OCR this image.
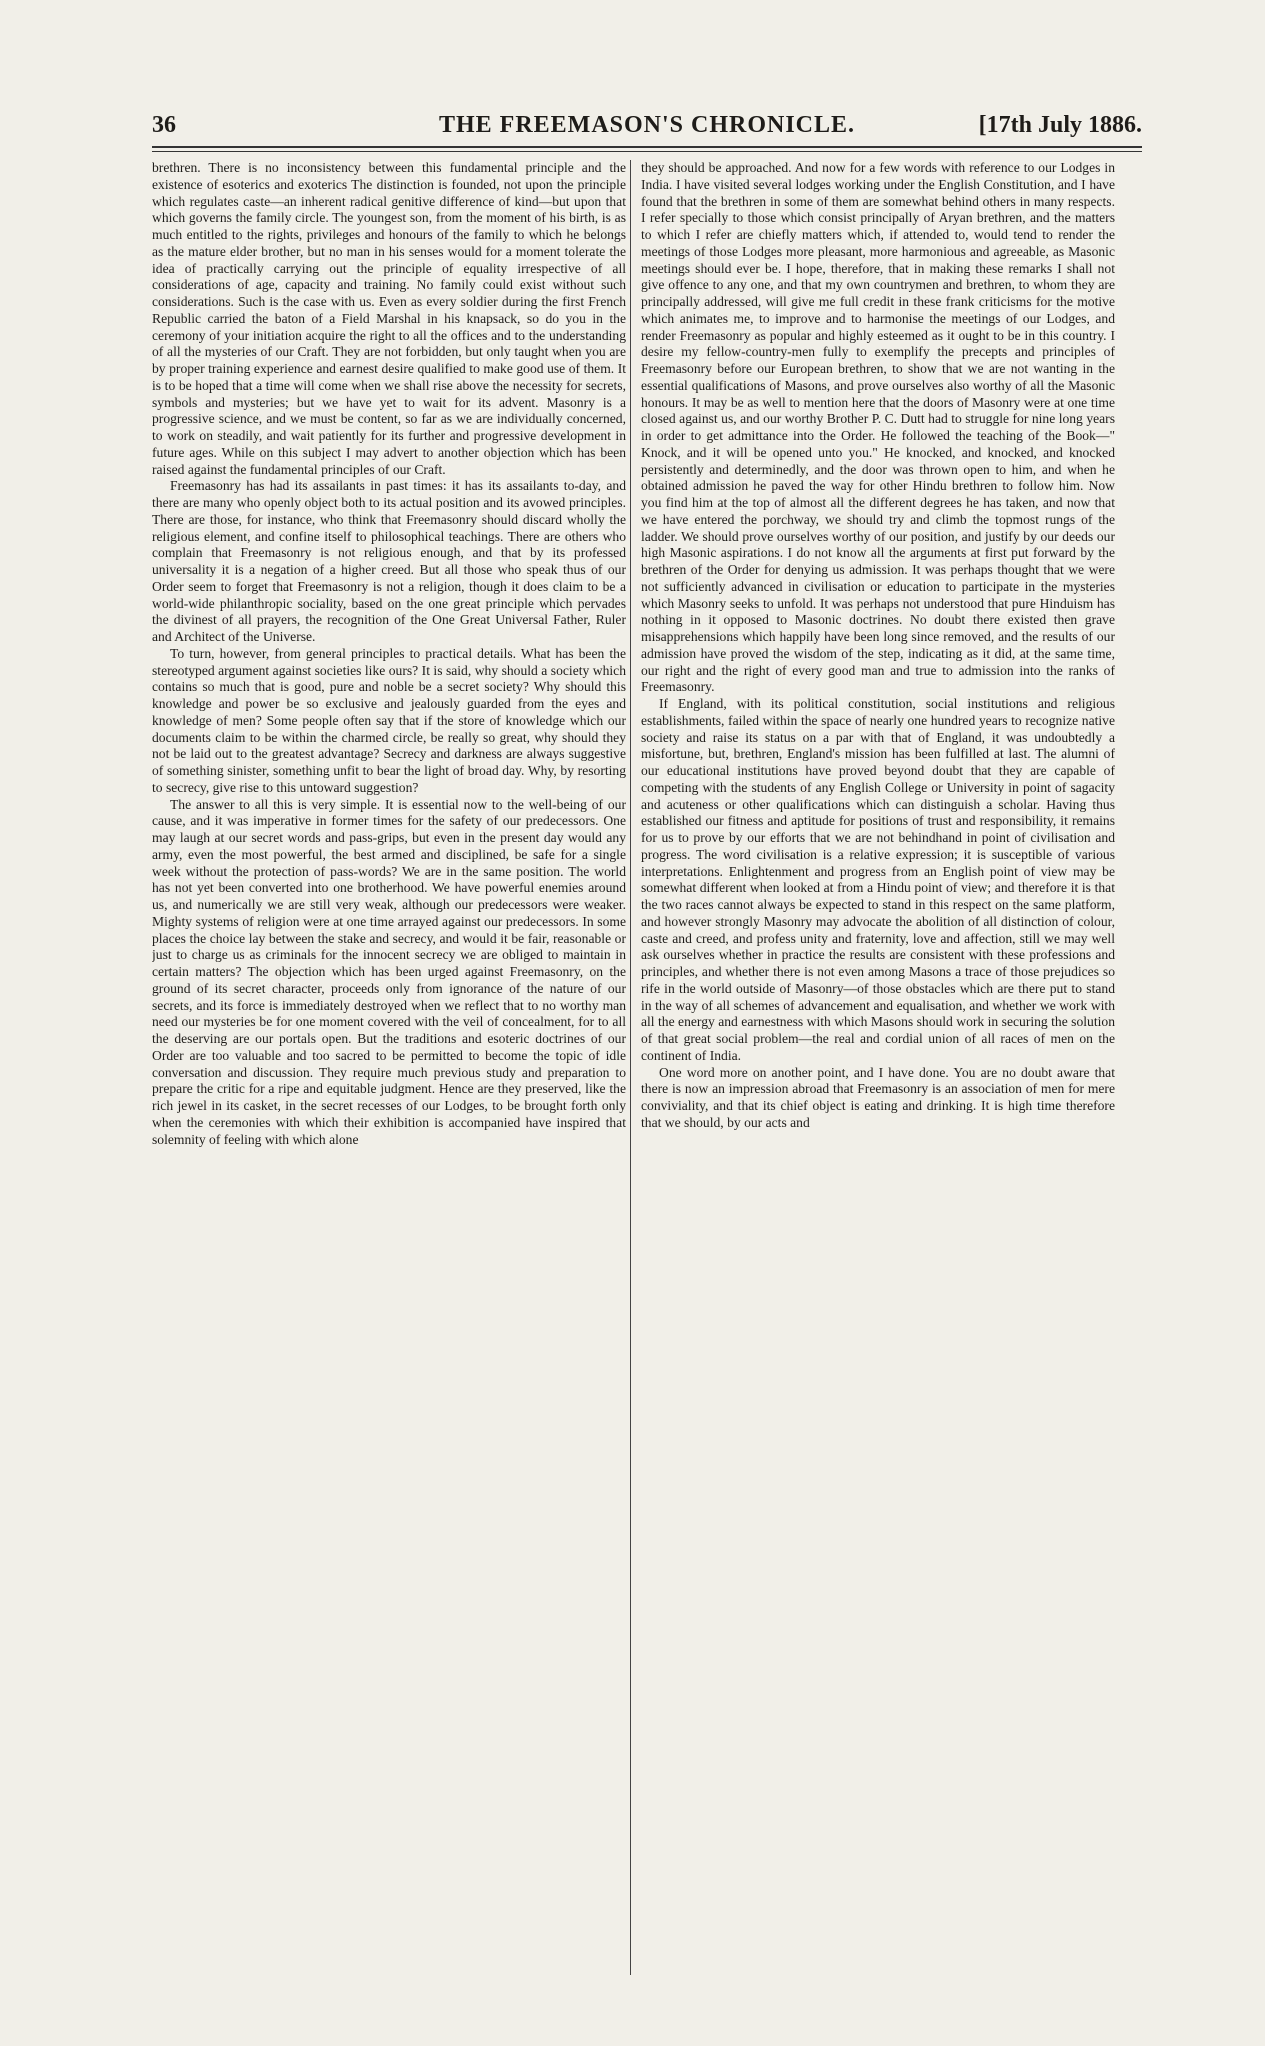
36	THE FREEMASON'S CHRONICLE.	[17th July 1886.

brethren. There is no inconsistency between this fundamental principle and the existence of esoterics and exoterics The distinction is founded, not upon the principle which regulates caste—an inherent radical genitive difference of kind—but upon that which governs the family circle. The youngest son, from the moment of his birth, is as much entitled to the rights, privileges and honours of the family to which he belongs as the mature elder brother, but no man in his senses would for a moment tolerate the idea of practically carrying out the principle of equality irrespective of all considerations of age, capacity and training. No family could exist without such considerations. Such is the case with us. Even as every soldier during the first French Republic carried the baton of a Field Marshal in his knapsack, so do you in the ceremony of your initiation acquire the right to all the offices and to the understanding of all the mysteries of our Craft. They are not forbidden, but only taught when you are by proper training experience and earnest desire qualified to make good use of them. It is to be hoped that a time will come when we shall rise above the necessity for secrets, symbols and mysteries; but we have yet to wait for its advent. Masonry is a progressive science, and we must be content, so far as we are individually concerned, to work on steadily, and wait patiently for its further and progressive development in future ages. While on this subject I may advert to another objection which has been raised against the fundamental principles of our Craft.

Freemasonry has had its assailants in past times: it has its assailants to-day, and there are many who openly object both to its actual position and its avowed principles. There are those, for instance, who think that Freemasonry should discard wholly the religious element, and confine itself to philosophical teachings. There are others who complain that Freemasonry is not religious enough, and that by its professed universality it is a negation of a higher creed. But all those who speak thus of our Order seem to forget that Freemasonry is not a religion, though it does claim to be a world-wide philanthropic sociality, based on the one great principle which pervades the divinest of all prayers, the recognition of the One Great Universal Father, Ruler and Architect of the Universe.

To turn, however, from general principles to practical details. What has been the stereotyped argument against societies like ours? It is said, why should a society which contains so much that is good, pure and noble be a secret society? Why should this knowledge and power be so exclusive and jealously guarded from the eyes and knowledge of men? Some people often say that if the store of knowledge which our documents claim to be within the charmed circle, be really so great, why should they not be laid out to the greatest advantage? Secrecy and darkness are always suggestive of something sinister, something unfit to bear the light of broad day. Why, by resorting to secrecy, give rise to this untoward suggestion?

The answer to all this is very simple. It is essential now to the well-being of our cause, and it was imperative in former times for the safety of our predecessors. One may laugh at our secret words and pass-grips, but even in the present day would any army, even the most powerful, the best armed and disciplined, be safe for a single week without the protection of pass-words? We are in the same position. The world has not yet been converted into one brotherhood. We have powerful enemies around us, and numerically we are still very weak, although our predecessors were weaker. Mighty systems of religion were at one time arrayed against our predecessors. In some places the choice lay between the stake and secrecy, and would it be fair, reasonable or just to charge us as criminals for the innocent secrecy we are obliged to maintain in certain matters? The objection which has been urged against Freemasonry, on the ground of its secret character, proceeds only from ignorance of the nature of our secrets, and its force is immediately destroyed when we reflect that to no worthy man need our mysteries be for one moment covered with the veil of concealment, for to all the deserving are our portals open. But the traditions and esoteric doctrines of our Order are too valuable and too sacred to be permitted to become the topic of idle conversation and discussion. They require much previous study and preparation to prepare the critic for a ripe and equitable judgment. Hence are they preserved, like the rich jewel in its casket, in the secret recesses of our Lodges, to be brought forth only when the ceremonies with which their exhibition is accompanied have inspired that solemnity of feeling with which alone

they should be approached. And now for a few words with reference to our Lodges in India. I have visited several lodges working under the English Constitution, and I have found that the brethren in some of them are somewhat behind others in many respects. I refer specially to those which consist principally of Aryan brethren, and the matters to which I refer are chiefly matters which, if attended to, would tend to render the meetings of those Lodges more pleasant, more harmonious and agreeable, as Masonic meetings should ever be. I hope, therefore, that in making these remarks I shall not give offence to any one, and that my own countrymen and brethren, to whom they are principally addressed, will give me full credit in these frank criticisms for the motive which animates me, to improve and to harmonise the meetings of our Lodges, and render Freemasonry as popular and highly esteemed as it ought to be in this country. I desire my fellow-country-men fully to exemplify the precepts and principles of Freemasonry before our European brethren, to show that we are not wanting in the essential qualifications of Masons, and prove ourselves also worthy of all the Masonic honours. It may be as well to mention here that the doors of Masonry were at one time closed against us, and our worthy Brother P. C. Dutt had to struggle for nine long years in order to get admittance into the Order. He followed the teaching of the Book—" Knock, and it will be opened unto you." He knocked, and knocked, and knocked persistently and determinedly, and the door was thrown open to him, and when he obtained admission he paved the way for other Hindu brethren to follow him. Now you find him at the top of almost all the different degrees he has taken, and now that we have entered the porchway, we should try and climb the topmost rungs of the ladder. We should prove ourselves worthy of our position, and justify by our deeds our high Masonic aspirations. I do not know all the arguments at first put forward by the brethren of the Order for denying us admission. It was perhaps thought that we were not sufficiently advanced in civilisation or education to participate in the mysteries which Masonry seeks to unfold. It was perhaps not understood that pure Hinduism has nothing in it opposed to Masonic doctrines. No doubt there existed then grave misapprehensions which happily have been long since removed, and the results of our admission have proved the wisdom of the step, indicating as it did, at the same time, our right and the right of every good man and true to admission into the ranks of Freemasonry.

If England, with its political constitution, social institutions and religious establishments, failed within the space of nearly one hundred years to recognize native society and raise its status on a par with that of England, it was undoubtedly a misfortune, but, brethren, England's mission has been fulfilled at last. The alumni of our educational institutions have proved beyond doubt that they are capable of competing with the students of any English College or University in point of sagacity and acuteness or other qualifications which can distinguish a scholar. Having thus established our fitness and aptitude for positions of trust and responsibility, it remains for us to prove by our efforts that we are not behindhand in point of civilisation and progress. The word civilisation is a relative expression; it is susceptible of various interpretations. Enlightenment and progress from an English point of view may be somewhat different when looked at from a Hindu point of view; and therefore it is that the two races cannot always be expected to stand in this respect on the same platform, and however strongly Masonry may advocate the abolition of all distinction of colour, caste and creed, and profess unity and fraternity, love and affection, still we may well ask ourselves whether in practice the results are consistent with these professions and principles, and whether there is not even among Masons a trace of those prejudices so rife in the world outside of Masonry—of those obstacles which are there put to stand in the way of all schemes of advancement and equalisation, and whether we work with all the energy and earnestness with which Masons should work in securing the solution of that great social problem—the real and cordial union of all races of men on the continent of India.

One word more on another point, and I have done. You are no doubt aware that there is now an impression abroad that Freemasonry is an association of men for mere conviviality, and that its chief object is eating and drinking. It is high time therefore that we should, by our acts and
